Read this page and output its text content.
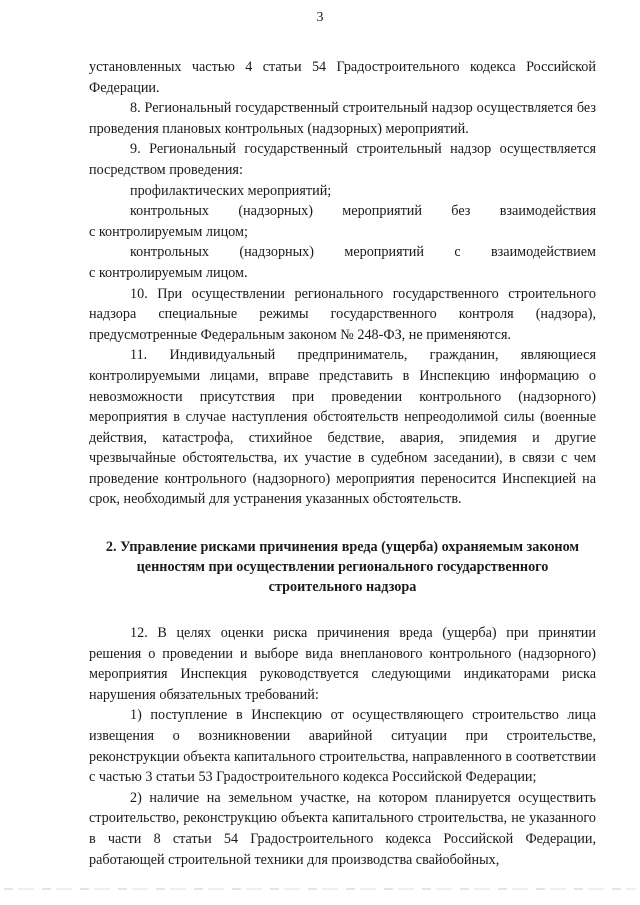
3

установленных частью 4 статьи 54 Градостроительного кодекса Российской Федерации.

8. Региональный государственный строительный надзор осуществляется без проведения плановых контрольных (надзорных) мероприятий.

9. Региональный государственный строительный надзор осуществляется посредством проведения:

профилактических мероприятий;

контрольных (надзорных) мероприятий без взаимодействия

с контролируемым лицом;

контрольных (надзорных) мероприятий с взаимодействием

с контролируемым лицом.

10. При осуществлении регионального государственного строительного надзора специальные режимы государственного контроля (надзора), предусмотренные Федеральным законом № 248-ФЗ, не применяются.

11. Индивидуальный предприниматель, гражданин, являющиеся контролируемыми лицами, вправе представить в Инспекцию информацию о невозможности присутствия при проведении контрольного (надзорного) мероприятия в случае наступления обстоятельств непреодолимой силы (военные действия, катастрофа, стихийное бедствие, авария, эпидемия и другие чрезвычайные обстоятельства, их участие в судебном заседании), в связи с чем проведение контрольного (надзорного) мероприятия переносится Инспекцией на срок, необходимый для устранения указанных обстоятельств.

2. Управление рисками причинения вреда (ущерба) охраняемым законом ценностям при осуществлении регионального государственного строительного надзора

12. В целях оценки риска причинения вреда (ущерба) при принятии решения о проведении и выборе вида внепланового контрольного (надзорного) мероприятия Инспекция руководствуется следующими индикаторами риска нарушения обязательных требований:

1) поступление в Инспекцию от осуществляющего строительство лица извещения о возникновении аварийной ситуации при строительстве, реконструкции объекта капитального строительства, направленного в соответствии с частью 3 статьи 53 Градостроительного кодекса Российской Федерации;

2) наличие на земельном участке, на котором планируется осуществить строительство, реконструкцию объекта капитального строительства, не указанного в части 8 статьи 54 Градостроительного кодекса Российской Федерации, работающей строительной техники для производства свайобойных,
